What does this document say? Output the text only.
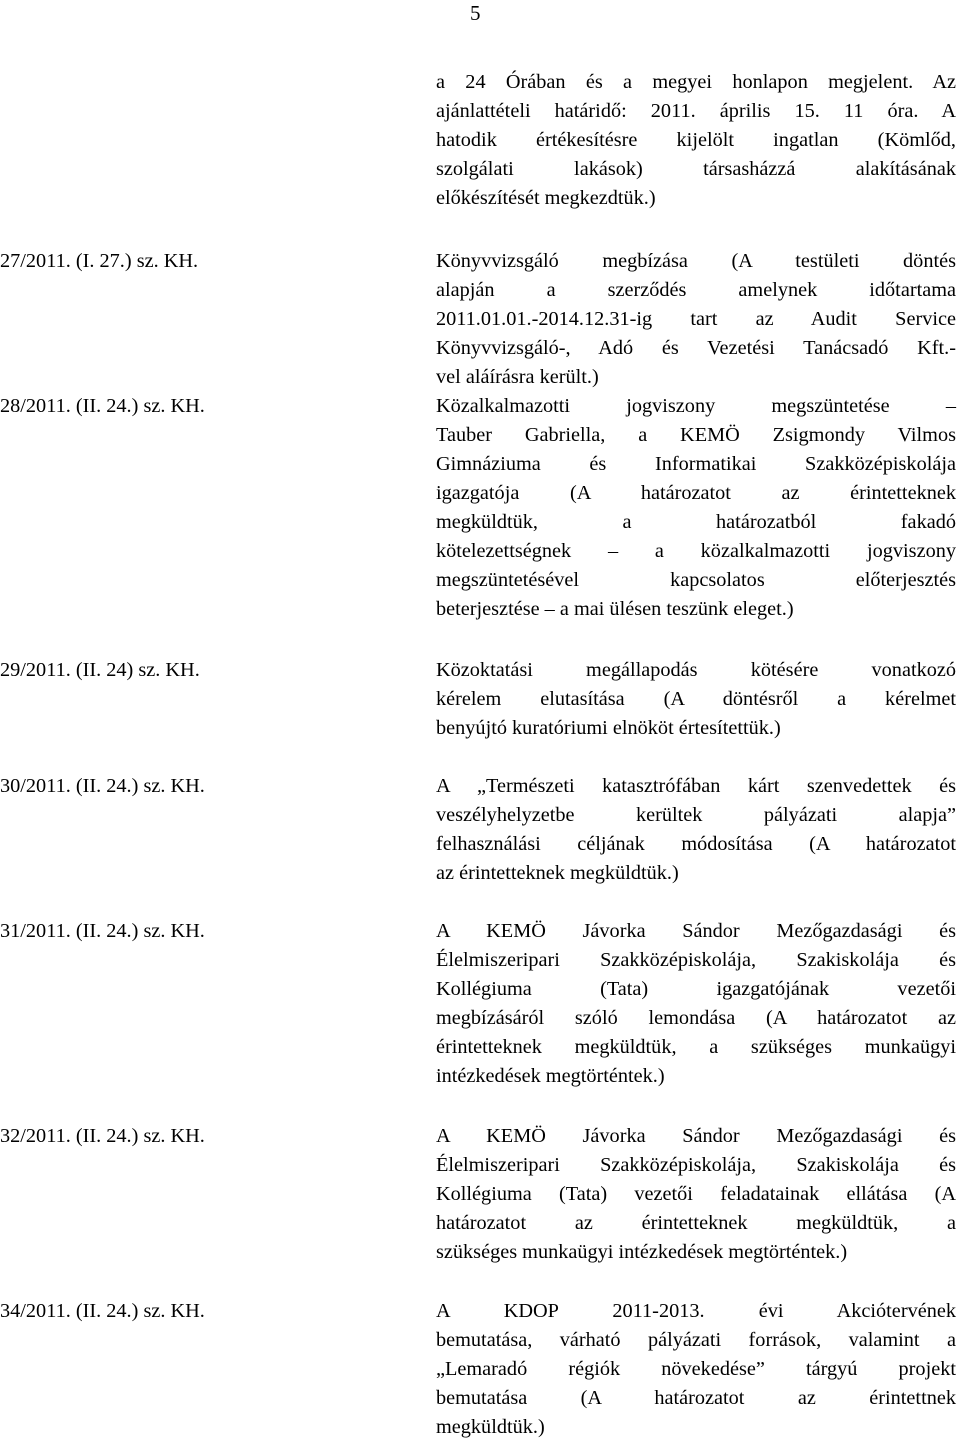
5
a 24 Órában és a megyei honlapon megjelent. Az
ajánlattételi határidő: 2011. április 15. 11 óra. A
hatodik értékesítésre kijelölt ingatlan (Kömlőd,
szolgálati lakások) társasházzá alakításának
előkészítését megkezdtük.)
27/2011. (I. 27.) sz. KH.	Könyvvizsgáló megbízása (A testületi döntés
alapján a szerződés amelynek időtartama
2011.01.01.-2014.12.31-ig tart az Audit Service
Könyvvizsgáló-, Adó és Vezetési Tanácsadó Kft.-
vel aláírásra került.)
28/2011. (II. 24.) sz. KH.	Közalkalmazotti jogviszony megszüntetése –
Tauber Gabriella, a KEMÖ Zsigmondy Vilmos
Gimnáziuma és Informatikai Szakközépiskolája
igazgatója (A határozatot az érintetteknek
megküldtük, a határozatból fakadó
kötelezettségnek – a közalkalmazotti jogviszony
megszüntetésével kapcsolatos előterjesztés
beterjesztése – a mai ülésen teszünk eleget.)
29/2011. (II. 24) sz. KH.	Közoktatási megállapodás kötésére vonatkozó
kérelem elutasítása (A döntésről a kérelmet
benyújtó kuratóriumi elnököt értesítettük.)
30/2011. (II. 24.) sz. KH.	A „Természeti katasztrófában kárt szenvedettek és
veszélyhelyzetbe kerültek pályázati alapja”
felhasználási céljának módosítása (A határozatot
az érintetteknek megküldtük.)
31/2011. (II. 24.) sz. KH.	A KEMÖ Jávorka Sándor Mezőgazdasági és
Élelmiszeripari Szakközépiskolája, Szakiskolája és
Kollégiuma (Tata) igazgatójának vezetői
megbízásáról szóló lemondása (A határozatot az
érintetteknek megküldtük, a szükséges munkaügyi
intézkedések megtörténtek.)
32/2011. (II. 24.) sz. KH.	A KEMÖ Jávorka Sándor Mezőgazdasági és
Élelmiszeripari Szakközépiskolája, Szakiskolája és
Kollégiuma (Tata) vezetői feladatainak ellátása (A
határozatot az érintetteknek megküldtük, a
szükséges munkaügyi intézkedések megtörténtek.)
34/2011. (II. 24.) sz. KH.	A KDOP 2011-2013. évi Akciótervének
bemutatása, várható pályázati források, valamint a
„Lemaradó régiók növekedése” tárgyú projekt
bemutatása (A határozatot az érintettnek
megküldtük.)
